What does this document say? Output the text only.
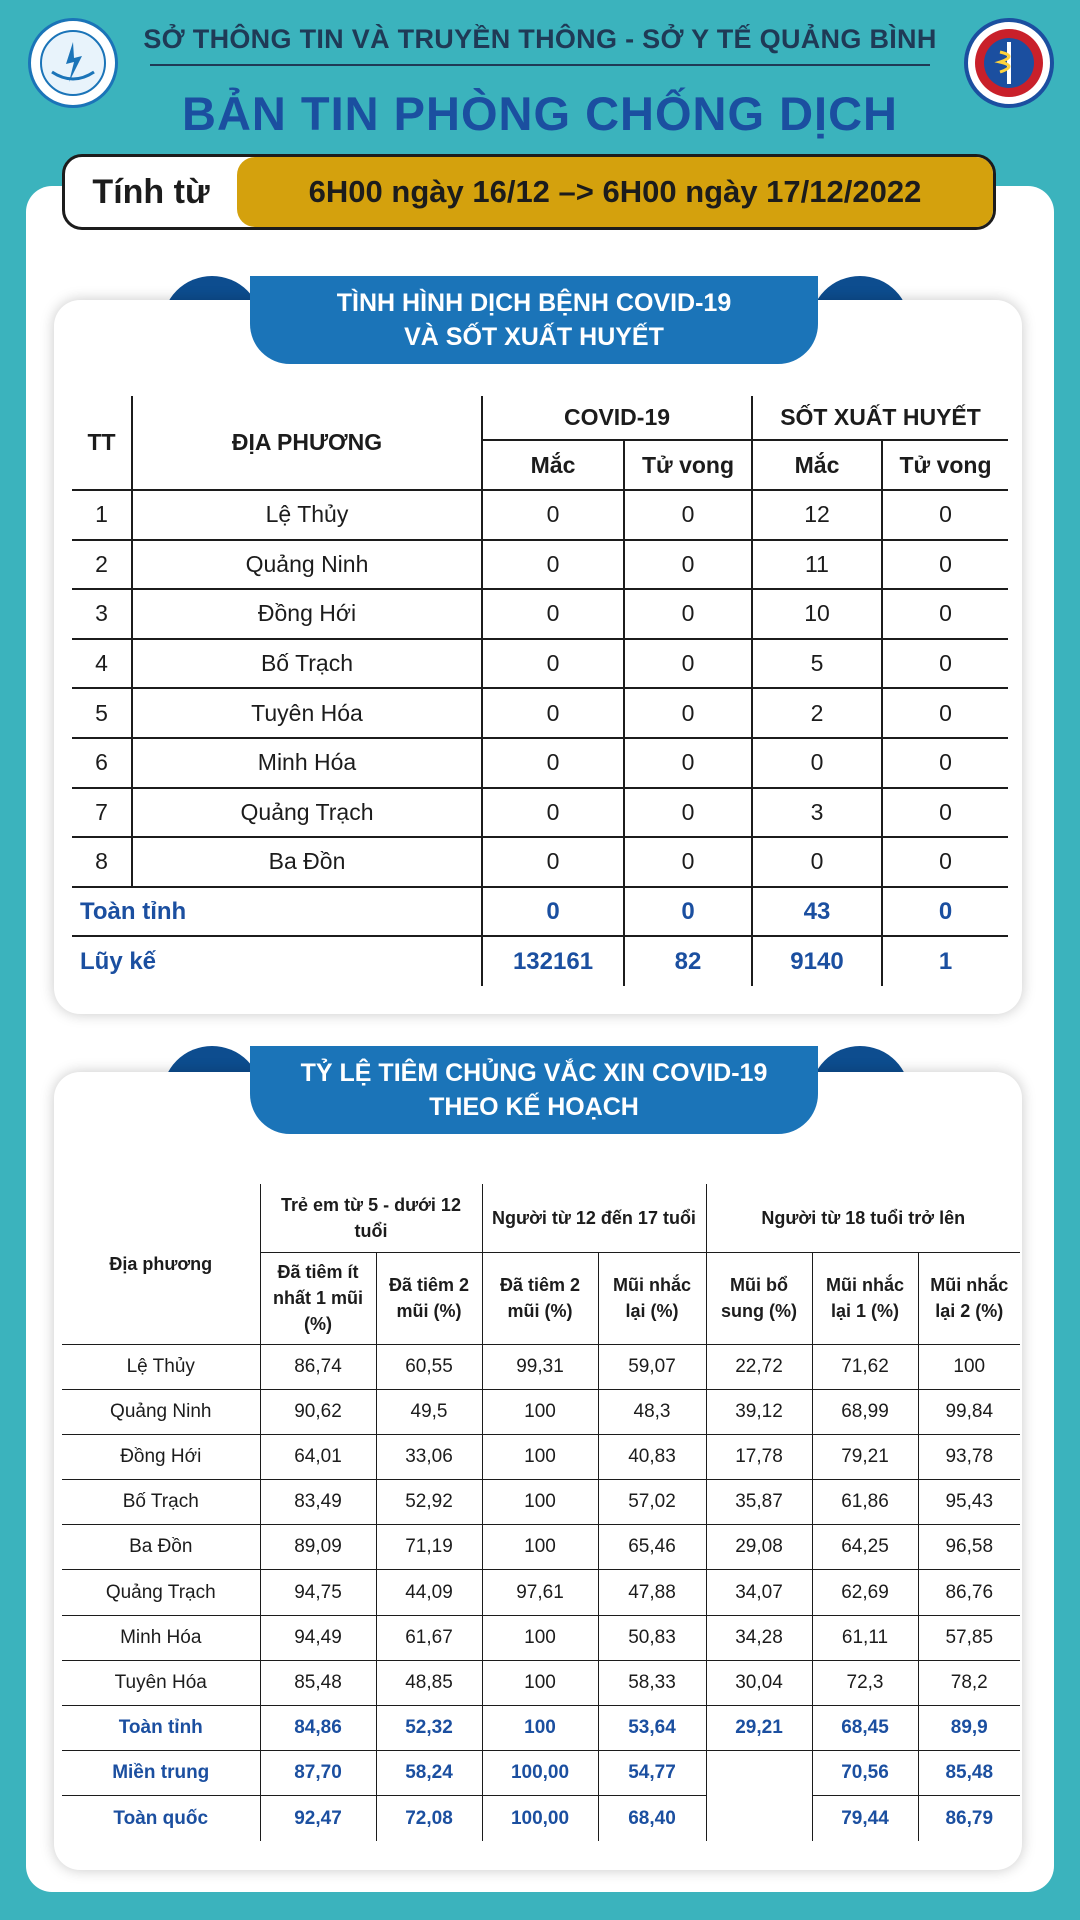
SỞ THÔNG TIN VÀ TRUYỀN THÔNG - SỞ Y TẾ QUẢNG BÌNH
BẢN TIN PHÒNG CHỐNG DỊCH
Tính từ	6H00 ngày 16/12 –> 6H00 ngày 17/12/2022
TÌNH HÌNH DỊCH BỆNH COVID-19
VÀ SỐT XUẤT HUYẾT
TT	ĐỊA PHƯƠNG	COVID-19		SỐT XUẤT HUYẾT	
		Mắc	Tử vong	Mắc	Tử vong
1	Lệ Thủy	0	0	12	0
2	Quảng Ninh	0	0	11	0
3	Đồng Hới	0	0	10	0
4	Bố Trạch	0	0	5	0
5	Tuyên Hóa	0	0	2	0
6	Minh Hóa	0	0	0	0
7	Quảng Trạch	0	0	3	0
8	Ba Đồn	0	0	0	0
Toàn tỉnh		0	0	43	0
Lũy kế		132161	82	9140	1
TỶ LỆ TIÊM CHỦNG VẮC XIN COVID-19
THEO KẾ HOẠCH
Địa phương	Trẻ em từ 5 - dưới 12 tuổi		Người từ 12 đến 17 tuổi		Người từ 18 tuổi trở lên		
	Đã tiêm ít nhất 1 mũi (%)	Đã tiêm 2 mũi (%)	Đã tiêm 2 mũi (%)	Mũi nhắc lại (%)	Mũi bổ sung (%)	Mũi nhắc lại 1 (%)	Mũi nhắc lại 2 (%)
Lệ Thủy	86,74	60,55	99,31	59,07	22,72	71,62	100
Quảng Ninh	90,62	49,5	100	48,3	39,12	68,99	99,84
Đồng Hới	64,01	33,06	100	40,83	17,78	79,21	93,78
Bố Trạch	83,49	52,92	100	57,02	35,87	61,86	95,43
Ba Đồn	89,09	71,19	100	65,46	29,08	64,25	96,58
Quảng Trạch	94,75	44,09	97,61	47,88	34,07	62,69	86,76
Minh Hóa	94,49	61,67	100	50,83	34,28	61,11	57,85
Tuyên Hóa	85,48	48,85	100	58,33	30,04	72,3	78,2
Toàn tỉnh	84,86	52,32	100	53,64	29,21	68,45	89,9
Miền trung	87,70	58,24	100,00	54,77		70,56	85,48
Toàn quốc	92,47	72,08	100,00	68,40		79,44	86,79
